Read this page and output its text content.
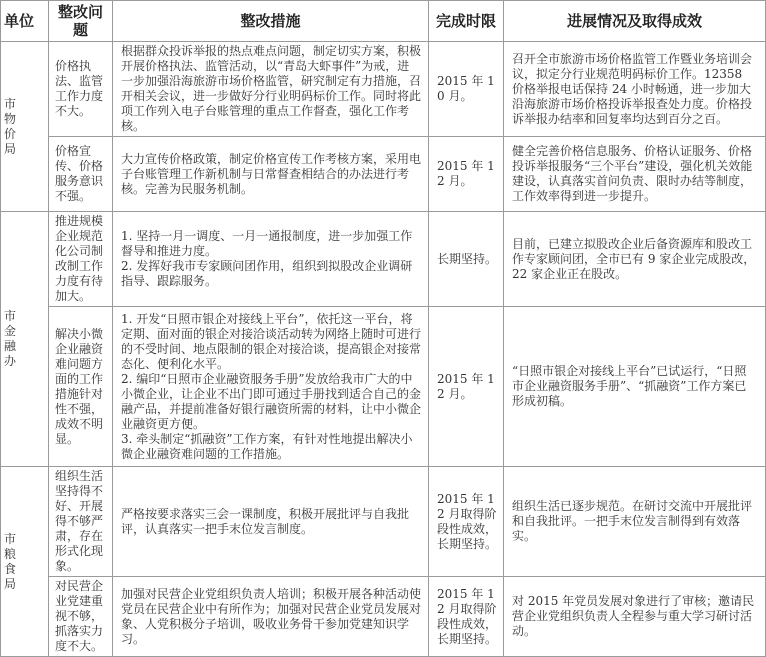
单位	整改问题	整改措施	完成时限	进展情况及取得成效

市物价局	价格执法、监管工作力度不大。	根据群众投诉举报的热点难点问题，制定切实方案，积极开展价格执法、监管活动，以“青岛大虾事件”为戒，进一步加强沿海旅游市场价格监管，研究制定有力措施，召开相关会议，进一步做好分行业明码标价工作。同时将此项工作列入电子台账管理的重点工作督查，强化工作考核。	2015 年 10 月。	召开全市旅游市场价格监管工作暨业务培训会议，拟定分行业规范明码标价工作。12358 价格举报电话保持 24 小时畅通，进一步加大沿海旅游市场价格投诉举报查处力度。价格投诉举报办结率和回复率均达到百分之百。
	价格宣传、价格服务意识不强。	大力宣传价格政策，制定价格宣传工作考核方案，采用电子台账管理工作新机制与日常督查相结合的办法进行考核。完善为民服务机制。	2015 年 12 月。	健全完善价格信息服务、价格认证服务、价格投诉举报服务“三个平台”建设，强化机关效能建设，认真落实首问负责、限时办结等制度，工作效率得到进一步提升。

市金融办	推进规模企业规范化公司制改制工作力度有待加大。	1. 坚持一月一调度、一月一通报制度，进一步加强工作督导和推进力度。
2. 发挥好我市专家顾问团作用，组织到拟股改企业调研指导、跟踪服务。	长期坚持。	目前，已建立拟股改企业后备资源库和股改工作专家顾问团，全市已有 9 家企业完成股改，22 家企业正在股改。
	解决小微企业融资难问题方面的工作措施针对性不强，成效不明显。	1. 开发“日照市银企对接线上平台”，依托这一平台，将定期、面对面的银企对接洽谈活动转为网络上随时可进行的不受时间、地点限制的银企对接洽谈，提高银企对接常态化、便利化水平。
2. 编印“日照市企业融资服务手册”发放给我市广大的中小微企业，让企业不出门即可通过手册找到适合自己的金融产品，并提前准备好银行融资所需的材料，让中小微企业融资更方便。
3. 牵头制定“抓融资”工作方案，有针对性地提出解决小微企业融资难问题的工作措施。	2015 年 12 月。	“日照市银企对接线上平台”已试运行，“日照市企业融资服务手册”、“抓融资”工作方案已形成初稿。

市粮食局	组织生活坚持得不好、开展得不够严肃，存在形式化现象。	严格按要求落实三会一课制度，积极开展批评与自我批评，认真落实一把手末位发言制度。	2015 年 12 月取得阶段性成效，长期坚持。	组织生活已逐步规范。在研讨交流中开展批评和自我批评。一把手末位发言制得到有效落实。
	对民营企业党建重视不够，抓落实力度不大。	加强对民营企业党组织负责人培训；积极开展各种活动使党员在民营企业中有所作为；加强对民营企业党员发展对象、人党积极分子培训，吸收业务骨干参加党建知识学习。	2015 年 12 月取得阶段性成效，长期坚持。	对 2015 年党员发展对象进行了审核；邀请民营企业党组织负责人全程参与重大学习研讨活动。
